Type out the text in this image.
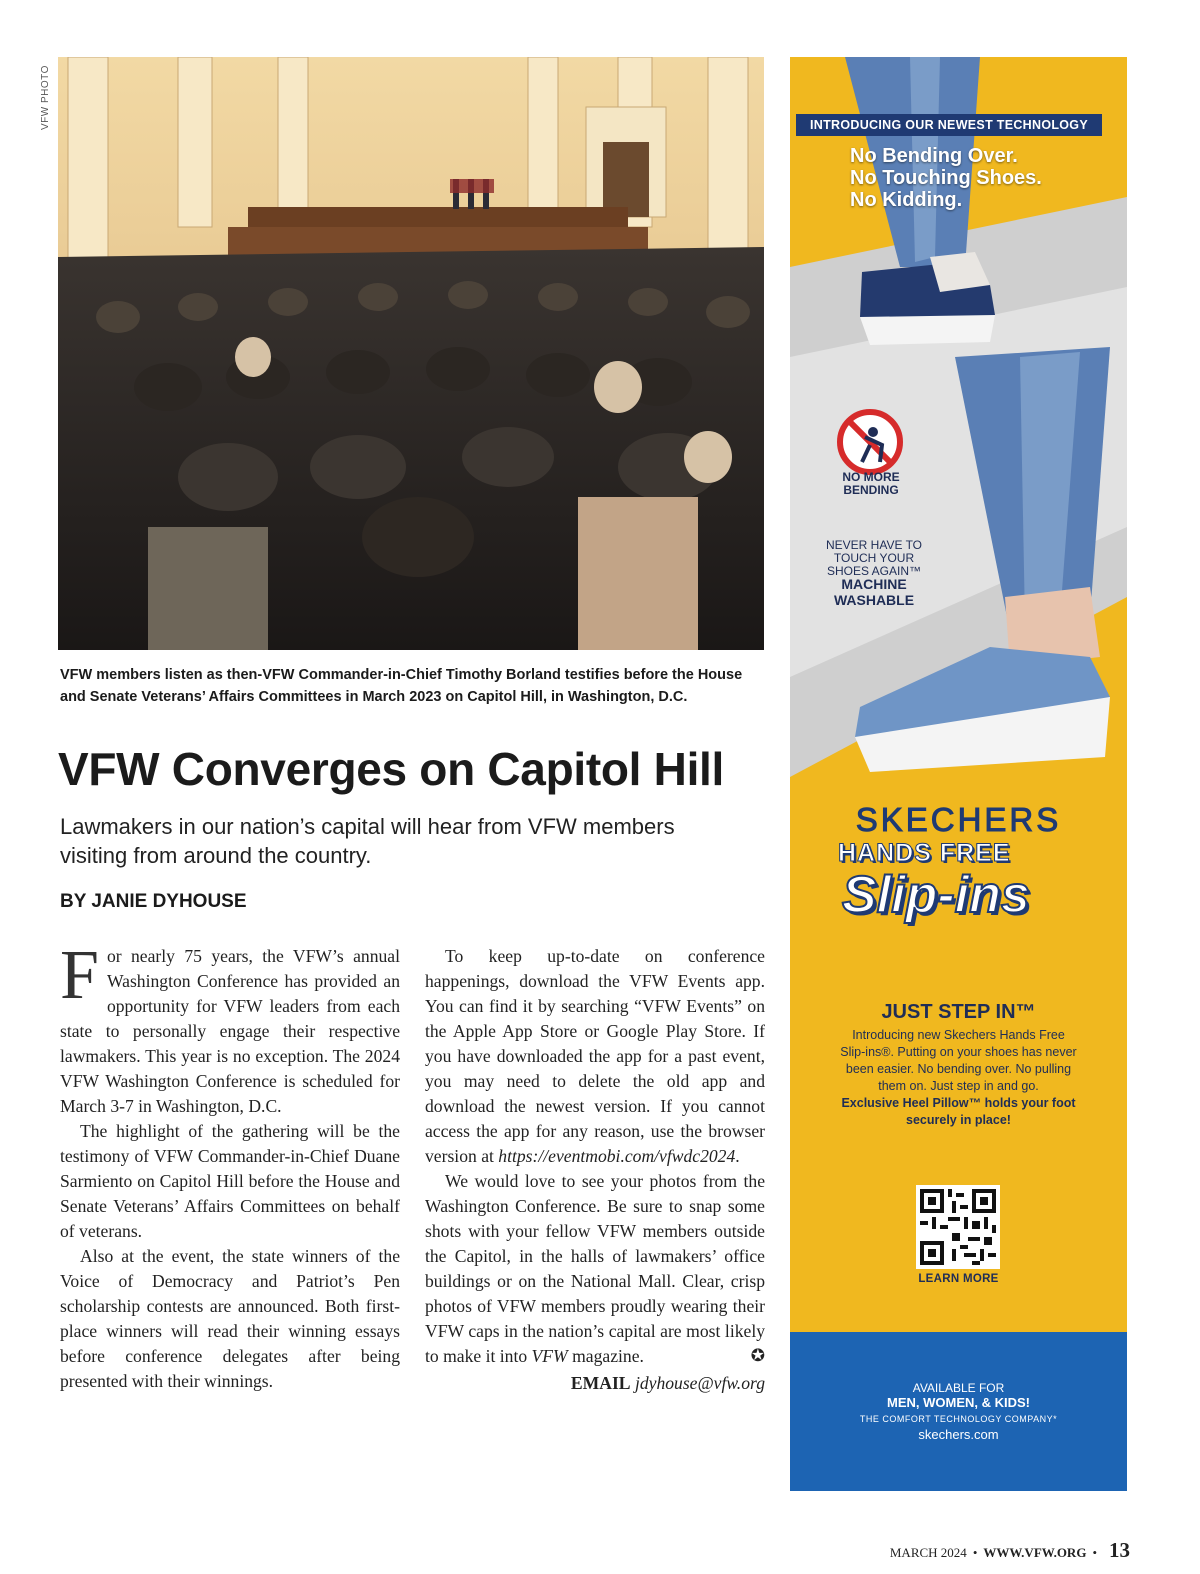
VFW PHOTO
VFW members listen as then-VFW Commander-in-Chief Timothy Borland testifies before the House and Senate Veterans’ Affairs Committees in March 2023 on Capitol Hill, in Washington, D.C.
VFW Converges on Capitol Hill
Lawmakers in our nation’s capital will hear from VFW members visiting from around the country.
BY JANIE DYHOUSE

For nearly 75 years, the VFW’s annual Washington Conference has provided an opportunity for VFW leaders from each state to personally engage their respective lawmakers. This year is no exception. The 2024 VFW Washington Conference is scheduled for March 3-7 in Washington, D.C.

The highlight of the gathering will be the testimony of VFW Commander-in-Chief Duane Sarmiento on Capitol Hill before the House and Senate Veterans’ Affairs Committees on behalf of veterans.

Also at the event, the state winners of the Voice of Democracy and Patriot’s Pen scholarship contests are announced. Both first-place winners will read their winning essays before conference delegates after being presented with their winnings.

To keep up-to-date on conference happenings, download the VFW Events app. You can find it by searching “VFW Events” on the Apple App Store or Google Play Store. If you have downloaded the app for a past event, you may need to delete the old app and download the newest version. If you cannot access the app for any reason, use the browser version at https://eventmobi.com/vfwdc2024.

We would love to see your photos from the Washington Conference. Be sure to snap some shots with your fellow VFW members outside the Capitol, in the halls of lawmakers’ office buildings or on the National Mall. Clear, crisp photos of VFW members proudly wearing their VFW caps in the nation’s capital are most likely to make it into VFW magazine.	✪

EMAIL jdyhouse@vfw.org
INTRODUCING OUR NEWEST TECHNOLOGY
No Bending Over.
No Touching Shoes.
No Kidding.
NO MORE BENDING
NEVER HAVE TO TOUCH YOUR SHOES AGAIN™
MACHINE WASHABLE
SKECHERS
HANDS FREE
Slip-ins
JUST STEP IN™
Introducing new Skechers Hands Free Slip-ins®. Putting on your shoes has never been easier. No bending over. No pulling them on. Just step in and go.
Exclusive Heel Pillow™ holds your foot securely in place!
LEARN MORE
AVAILABLE FOR
MEN, WOMEN, & KIDS!
THE COMFORT TECHNOLOGY COMPANY*
skechers.com
MARCH 2024 • WWW.VFW.ORG • 13
